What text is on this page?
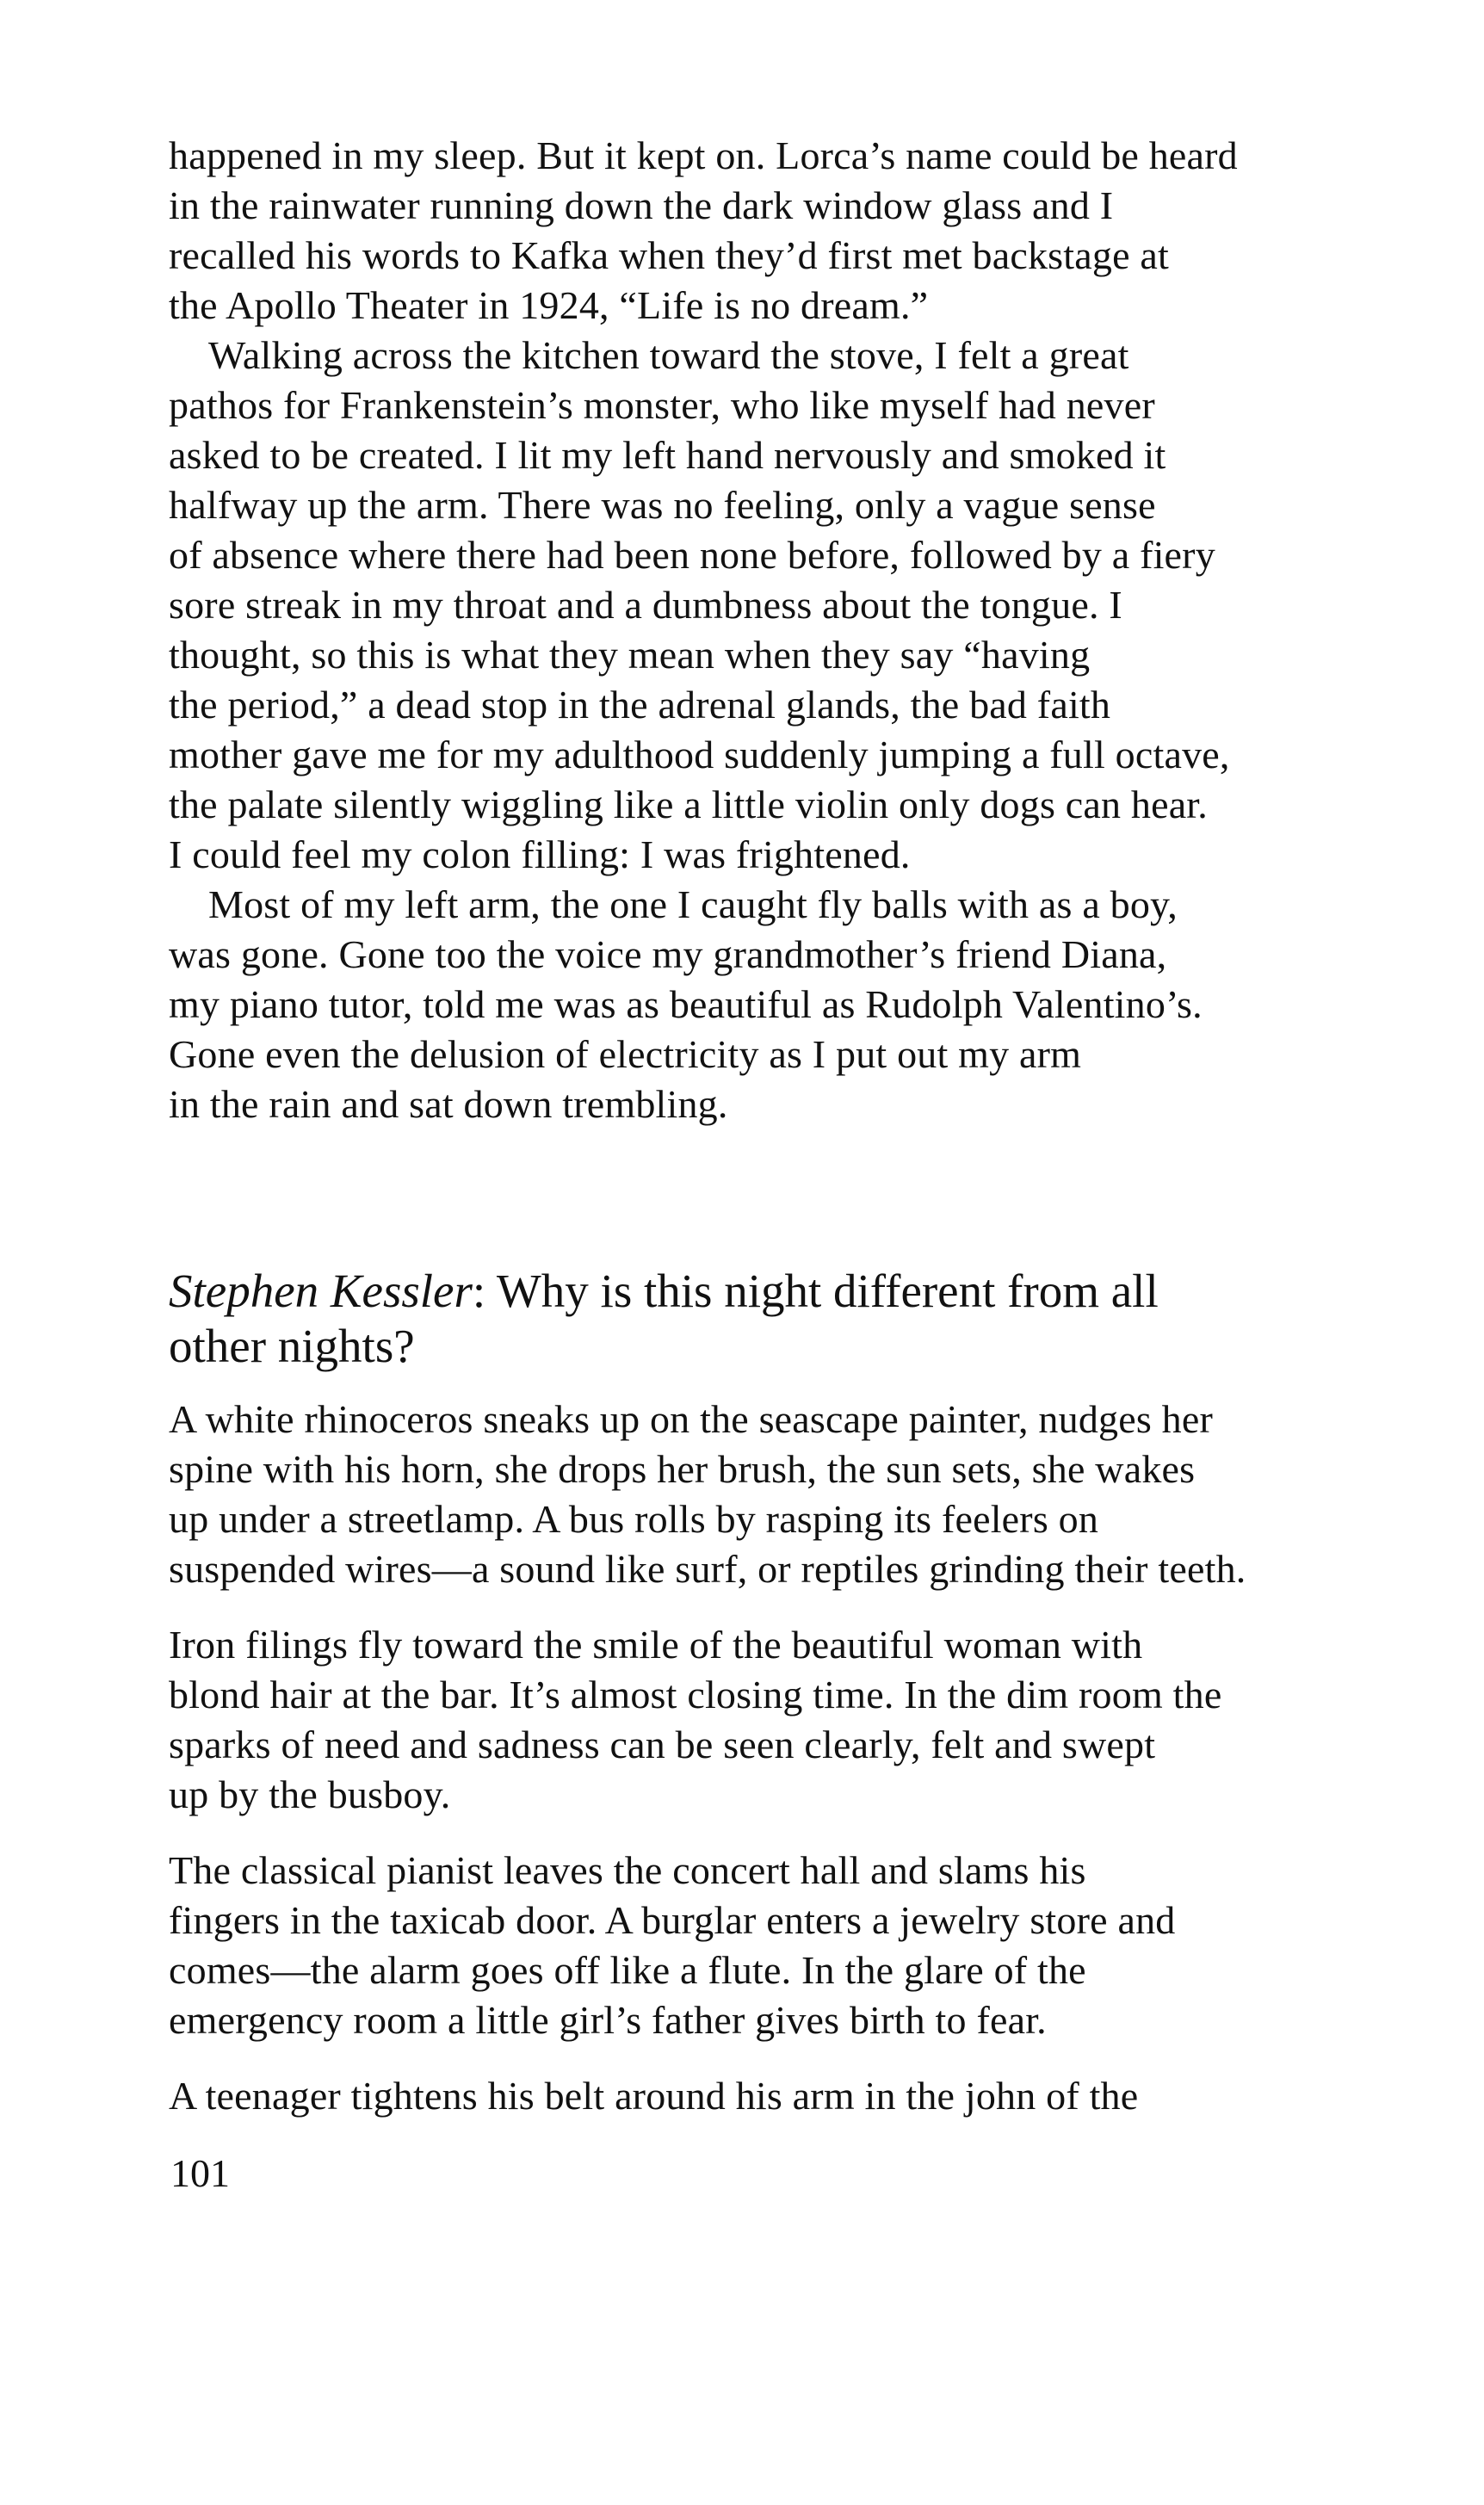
happened in my sleep. But it kept on. Lorca’s name could be heard
in the rainwater running down the dark window glass and I
recalled his words to Kafka when they’d first met backstage at
the Apollo Theater in 1924, “Life is no dream.”
Walking across the kitchen toward the stove, I felt a great
pathos for Frankenstein’s monster, who like myself had never
asked to be created. I lit my left hand nervously and smoked it
halfway up the arm. There was no feeling, only a vague sense
of absence where there had been none before, followed by a fiery
sore streak in my throat and a dumbness about the tongue. I
thought, so this is what they mean when they say “having
the period,” a dead stop in the adrenal glands, the bad faith
mother gave me for my adulthood suddenly jumping a full octave,
the palate silently wiggling like a little violin only dogs can hear.
I could feel my colon filling: I was frightened.
Most of my left arm, the one I caught fly balls with as a boy,
was gone. Gone too the voice my grandmother’s friend Diana,
my piano tutor, told me was as beautiful as Rudolph Valentino’s.
Gone even the delusion of electricity as I put out my arm
in the rain and sat down trembling.
Stephen Kessler: Why is this night different from all
other nights?
A white rhinoceros sneaks up on the seascape painter, nudges her
spine with his horn, she drops her brush, the sun sets, she wakes
up under a streetlamp. A bus rolls by rasping its feelers on
suspended wires—a sound like surf, or reptiles grinding their teeth.
Iron filings fly toward the smile of the beautiful woman with
blond hair at the bar. It’s almost closing time. In the dim room the
sparks of need and sadness can be seen clearly, felt and swept
up by the busboy.
The classical pianist leaves the concert hall and slams his
fingers in the taxicab door. A burglar enters a jewelry store and
comes—the alarm goes off like a flute. In the glare of the
emergency room a little girl’s father gives birth to fear.
A teenager tightens his belt around his arm in the john of the
101
